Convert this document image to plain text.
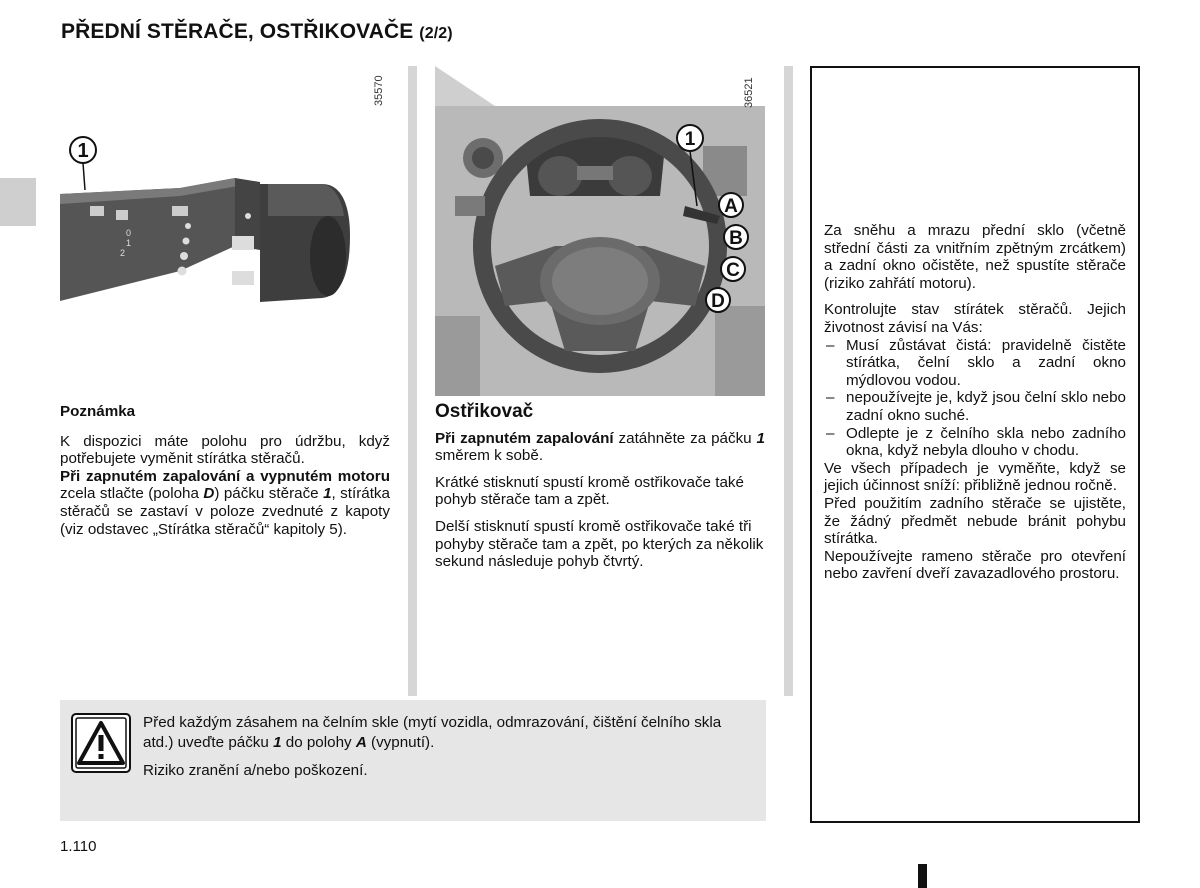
PŘEDNÍ STĚRAČE, OSTŘIKOVAČE (2/2)
1
0
1
2
35570
1
A
B
C
D
36521

Poznámka

K dispozici máte polohu pro údržbu, když potřebujete vyměnit stírátka stěračů.

Při zapnutém zapalování a vypnutém motoru zcela stlačte (poloha D) páčku stěrače 1, stírátka stěračů se zastaví v poloze zvednuté z kapoty (viz odstavec „Stírátka stěračů“ kapitoly 5).

Ostřikovač

Při zapnutém zapalování zatáhněte za páčku 1 směrem k sobě.

Krátké stisknutí spustí kromě ostřikovače také pohyb stěrače tam a zpět.

Delší stisknutí spustí kromě ostřikovače také tři pohyby stěrače tam a zpět, po kterých za několik sekund následuje pohyb čtvrtý.

Za sněhu a mrazu přední sklo (včetně střední části za vnitřním zpětným zrcátkem) a zadní okno očistěte, než spustíte stěrače (riziko zahřátí motoru).

Kontrolujte stav stírátek stěračů. Jejich životnost závisí na Vás:

– Musí zůstávat čistá: pravidelně čistěte stírátka, čelní sklo a zadní okno mýdlovou vodou.
– nepoužívejte je, když jsou čelní sklo nebo zadní okno suché.
– Odlepte je z čelního skla nebo zadního okna, když nebyla dlouho v chodu.

Ve všech případech je vyměňte, když se jejich účinnost sníží: přibližně jednou ročně.

Před použitím zadního stěrače se ujistěte, že žádný předmět nebude bránit pohybu stírátka.

Nepoužívejte rameno stěrače pro otevření nebo zavření dveří zavazadlového prostoru.

Před každým zásahem na čelním skle (mytí vozidla, odmrazování, čištění čelního skla atd.) uveďte páčku 1 do polohy A (vypnutí).

Riziko zranění a/nebo poškození.

1.110
